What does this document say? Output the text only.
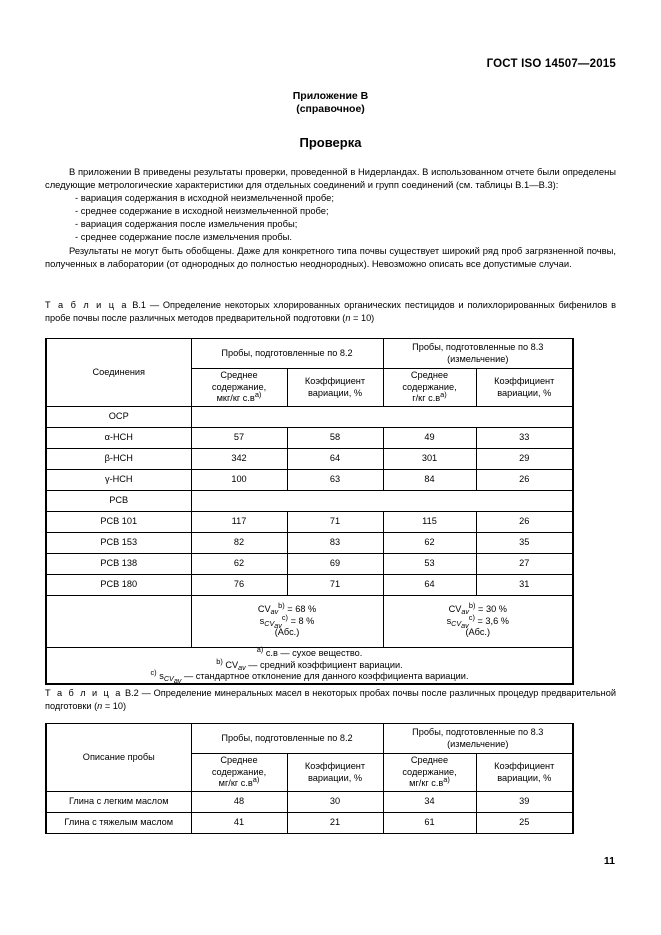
ГОСТ ISO 14507—2015
Приложение В
(справочное)
Проверка

В приложении В приведены результаты проверки, проведенной в Нидерландах. В использованном отчете были определены следующие метрологические характеристики для отдельных соединений и групп соединений (см. таблицы В.1—В.3):

- вариация содержания в исходной неизмельченной пробе;
- среднее содержание в исходной неизмельченной пробе;
- вариация содержания после измельчения пробы;
- среднее содержание после измельчения пробы.

Результаты не могут быть обобщены. Даже для конкретного типа почвы существует широкий ряд проб загрязненной почвы, полученных в лаборатории (от однородных до полностью неоднородных). Невозможно описать все допустимые случаи.

Т а б л и ц а В.1 — Определение некоторых хлорированных органических пестицидов и полихлорированных бифенилов в пробе почвы после различных методов предварительной подготовки (n = 10)
Соединения	Пробы, подготовленные по 8.2		Пробы, подготовленные по 8.3
(измельчение)	
	Среднее
содержание,
мкг/кг $с.в^{а)}$	Коэффициент
вариации, %	Среднее
содержание,
г/кг $с.в^{а)}$	Коэффициент
вариации, %
OCP				
α-HCH	57	58	49	33
β-HCH	342	64	301	29
γ-HCH	100	63	84	26
PCB				
PCB 101	117	71	115	26
PCB 153	82	83	62	35
PCB 138	62	69	53	27
PCB 180	76	71	64	31

$CV_{av}^{b)} = 68$ %
$s_{CV_{av}}^{c)} = 8$ %
(Абс.)

$CV_{av}^{b)} = 30$ %
$s_{CV_{av}}^{c)} = 3,6$ %
(Абс.)

$^{a)}$ с.в — сухое вещество.
$^{b)}$ $CV_{av}$ — средний коэффициент вариации.
$^{c)}$ $s_{CV_{av}}$ — стандартное отклонение для данного коэффициента вариации.				
Т а б л и ц а В.2 — Определение минеральных масел в некоторых пробах почвы после различных процедур предварительной подготовки (n = 10)
Описание пробы	Пробы, подготовленные по 8.2		Пробы, подготовленные по 8.3
(измельчение)	
	Среднее
содержание,
мг/кг $с.в^{а)}$	Коэффициент
вариации, %	Среднее
содержание,
мг/кг $с.в^{а)}$	Коэффициент
вариации, %
Глина с легким маслом	48	30	34	39
Глина с тяжелым маслом	41	21	61	25
11
